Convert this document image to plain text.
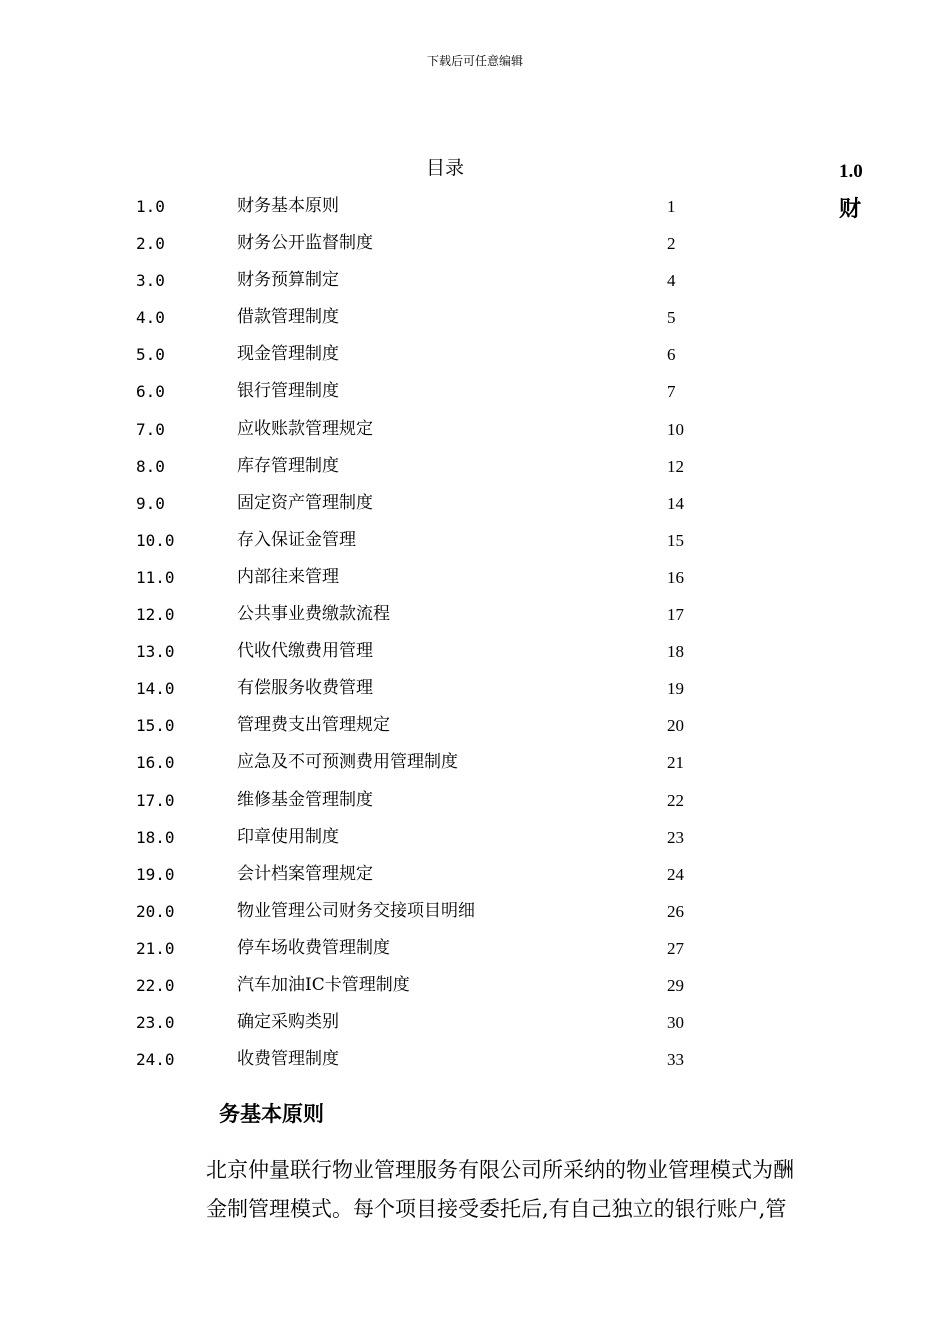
下载后可任意编辑
目录
1.0	财务基本原则	1
2.0	财务公开监督制度	2
3.0	财务预算制定	4
4.0	借款管理制度	5
5.0	现金管理制度	6
6.0	银行管理制度	7
7.0	应收账款管理规定	10
8.0	库存管理制度	12
9.0	固定资产管理制度	14
10.0	存入保证金管理	15
11.0	内部往来管理	16
12.0	公共事业费缴款流程	17
13.0	代收代缴费用管理	18
14.0	有偿服务收费管理	19
15.0	管理费支出管理规定	20
16.0	应急及不可预测费用管理制度	21
17.0	维修基金管理制度	22
18.0	印章使用制度	23
19.0	会计档案管理规定	24
20.0	物业管理公司财务交接项目明细	26
21.0	停车场收费管理制度	27
22.0	汽车加油IC卡管理制度	29
23.0	确定采购类别	30
24.0	收费管理制度	33
1.0
财
务基本原则
北京仲量联行物业管理服务有限公司所采纳的物业管理模式为酬
金制管理模式。每个项目接受委托后,有自己独立的银行账户,管
